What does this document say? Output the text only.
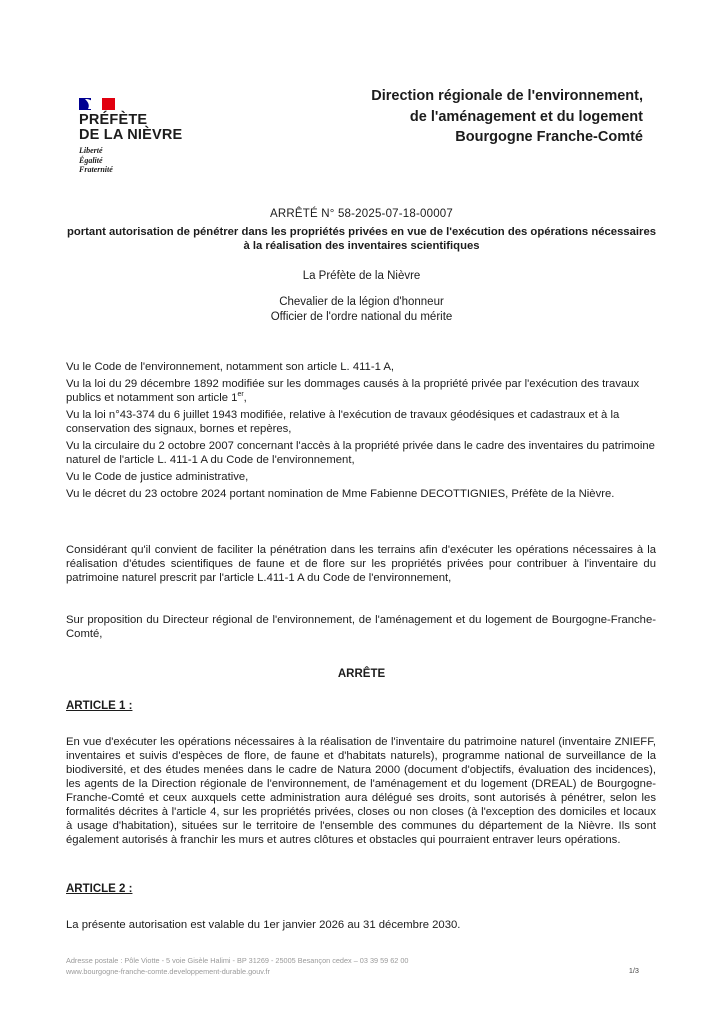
PRÉFÈTE
DE LA NIÈVRE
Liberté
Égalité
Fraternité
Direction régionale de l'environnement,
de l'aménagement et du logement
Bourgogne Franche-Comté
ARRÊTÉ N° 58-2025-07-18-00007
portant autorisation de pénétrer dans les propriétés privées en vue de l'exécution des opérations nécessaires à la réalisation des inventaires scientifiques
La Préfète de la Nièvre
Chevalier de la légion d'honneur
Officier de l'ordre national du mérite

Vu le Code de l'environnement, notamment son article L. 411-1 A,

Vu la loi du 29 décembre 1892 modifiée sur les dommages causés à la propriété privée par l'exécution des travaux publics et notamment son article 1er,

Vu la loi n°43-374 du 6 juillet 1943 modifiée, relative à l'exécution de travaux géodésiques et cadastraux et à la conservation des signaux, bornes et repères,

Vu la circulaire du 2 octobre 2007 concernant l'accès à la propriété privée dans le cadre des inventaires du patrimoine naturel de l'article L. 411-1 A du Code de l'environnement,

Vu le Code de justice administrative,

Vu le décret du 23 octobre 2024 portant nomination de Mme Fabienne DECOTTIGNIES, Préfète de la Nièvre.

Considérant qu'il convient de faciliter la pénétration dans les terrains afin d'exécuter les opérations nécessaires à la réalisation d'études scientifiques de faune et de flore sur les propriétés privées pour contribuer à l'inventaire du patrimoine naturel prescrit par l'article L.411-1 A du Code de l'environnement,

Sur proposition du Directeur régional de l'environnement, de l'aménagement et du logement de Bourgogne-Franche-Comté,

ARRÊTE
ARTICLE 1 :

En vue d'exécuter les opérations nécessaires à la réalisation de l'inventaire du patrimoine naturel (inventaire ZNIEFF, inventaires et suivis d'espèces de flore, de faune et d'habitats naturels), programme national de surveillance de la biodiversité, et des études menées dans le cadre de Natura 2000 (document d'objectifs, évaluation des incidences), les agents de la Direction régionale de l'environnement, de l'aménagement et du logement (DREAL) de Bourgogne-Franche-Comté et ceux auxquels cette administration aura délégué ses droits, sont autorisés à pénétrer, selon les formalités décrites à l'article 4, sur les propriétés privées, closes ou non closes (à l'exception des domiciles et locaux à usage d'habitation), situées sur le territoire de l'ensemble des communes du département de la Nièvre. Ils sont également autorisés à franchir les murs et autres clôtures et obstacles qui pourraient entraver leurs opérations.

ARTICLE 2 :

La présente autorisation est valable du 1er janvier 2026 au 31 décembre 2030.

Adresse postale : Pôle Viotte - 5 voie Gisèle Halimi - BP 31269 - 25005 Besançon cedex – 03 39 59 62 00
www.bourgogne-franche-comte.developpement-durable.gouv.fr	1/3
